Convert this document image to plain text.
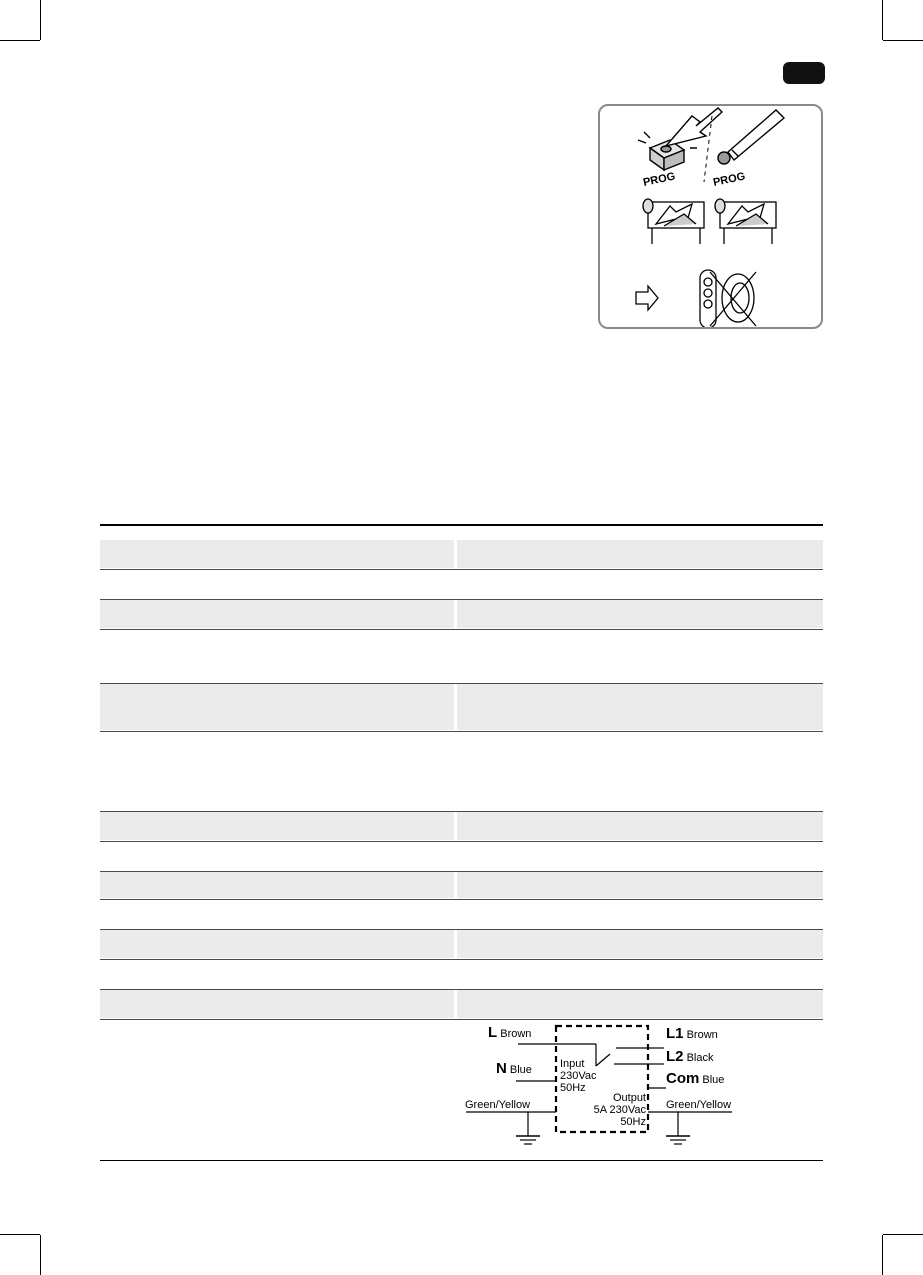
PROG	PROG
L Brown
N Blue
Green/Yellow
Input
230Vac
50Hz
Output
5A 230Vac
50Hz
L1 Brown
L2 Black
Com Blue
Green/Yellow
